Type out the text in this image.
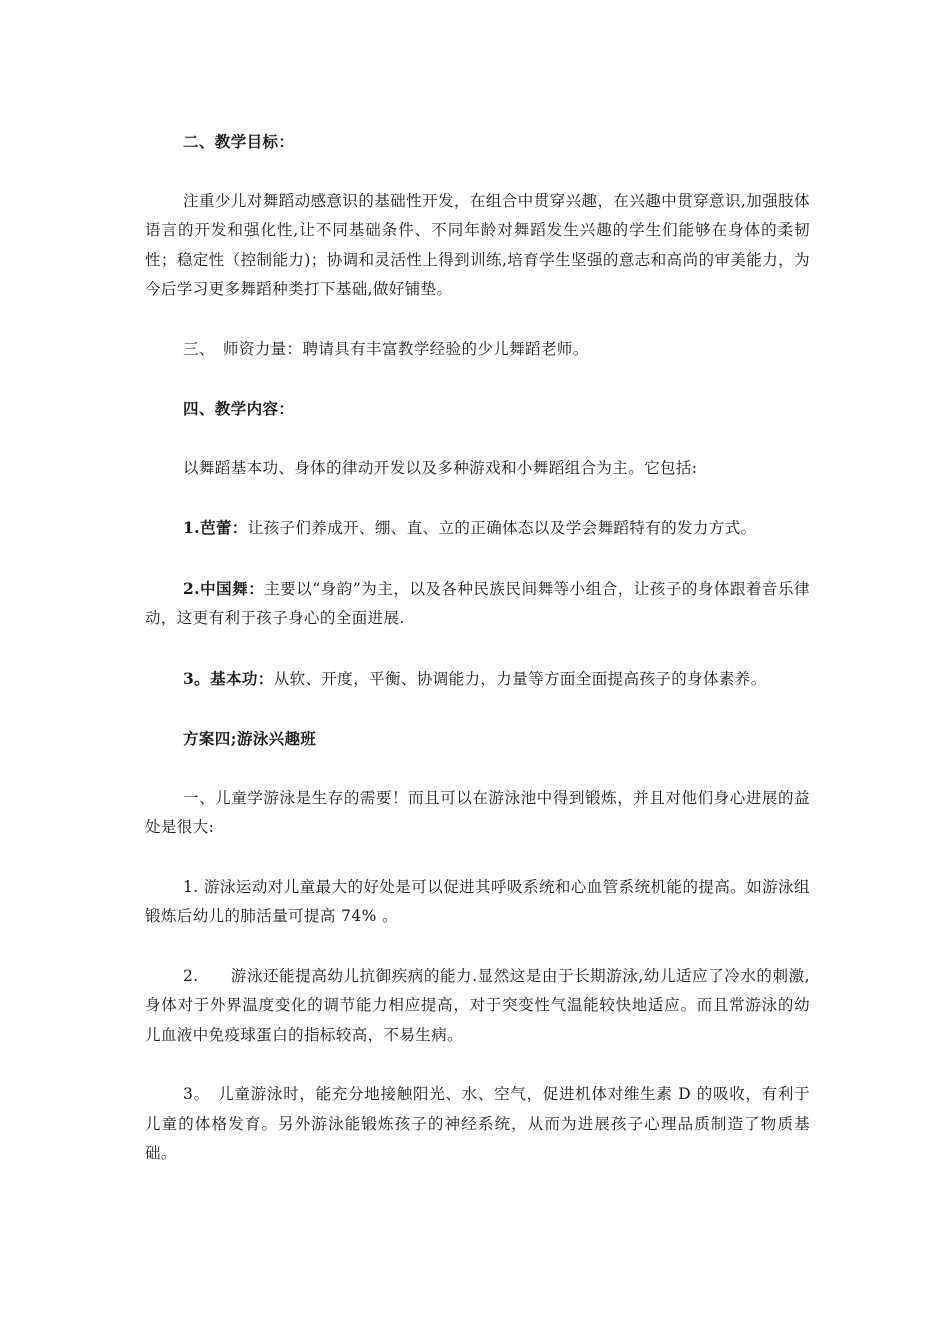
二、教学目标：

注重少儿对舞蹈动感意识的基础性开发，在组合中贯穿兴趣，在兴趣中贯穿意识,加强肢体语言的开发和强化性,让不同基础条件、不同年龄对舞蹈发生兴趣的学生们能够在身体的柔韧性；稳定性（控制能力)；协调和灵活性上得到训练,培育学生坚强的意志和高尚的审美能力，为今后学习更多舞蹈种类打下基础,做好铺垫。

三、　师资力量：聘请具有丰富教学经验的少儿舞蹈老师。

四、教学内容：

以舞蹈基本功、身体的律动开发以及多种游戏和小舞蹈组合为主。它包括:

1.芭蕾：让孩子们养成开、绷、直、立的正确体态以及学会舞蹈特有的发力方式。

2.中国舞：主要以“身韵”为主，以及各种民族民间舞等小组合，让孩子的身体跟着音乐律动，这更有利于孩子身心的全面进展.

3。基本功：从软、开度，平衡、协调能力，力量等方面全面提高孩子的身体素养。

方案四;游泳兴趣班

一、儿童学游泳是生存的需要！而且可以在游泳池中得到锻炼，并且对他们身心进展的益处是很大:

1. 游泳运动对儿童最大的好处是可以促进其呼吸系统和心血管系统机能的提高。如游泳组锻炼后幼儿的肺活量可提高 74% 。

2.　　游泳还能提高幼儿抗御疾病的能力.显然这是由于长期游泳,幼儿适应了冷水的刺激,身体对于外界温度变化的调节能力相应提高，对于突变性气温能较快地适应。而且常游泳的幼儿血液中免疫球蛋白的指标较高，不易生病。

3。　儿童游泳时，能充分地接触阳光、水、空气，促进机体对维生素 D 的吸收，有利于儿童的体格发育。另外游泳能锻炼孩子的神经系统，从而为进展孩子心理品质制造了物质基础。
